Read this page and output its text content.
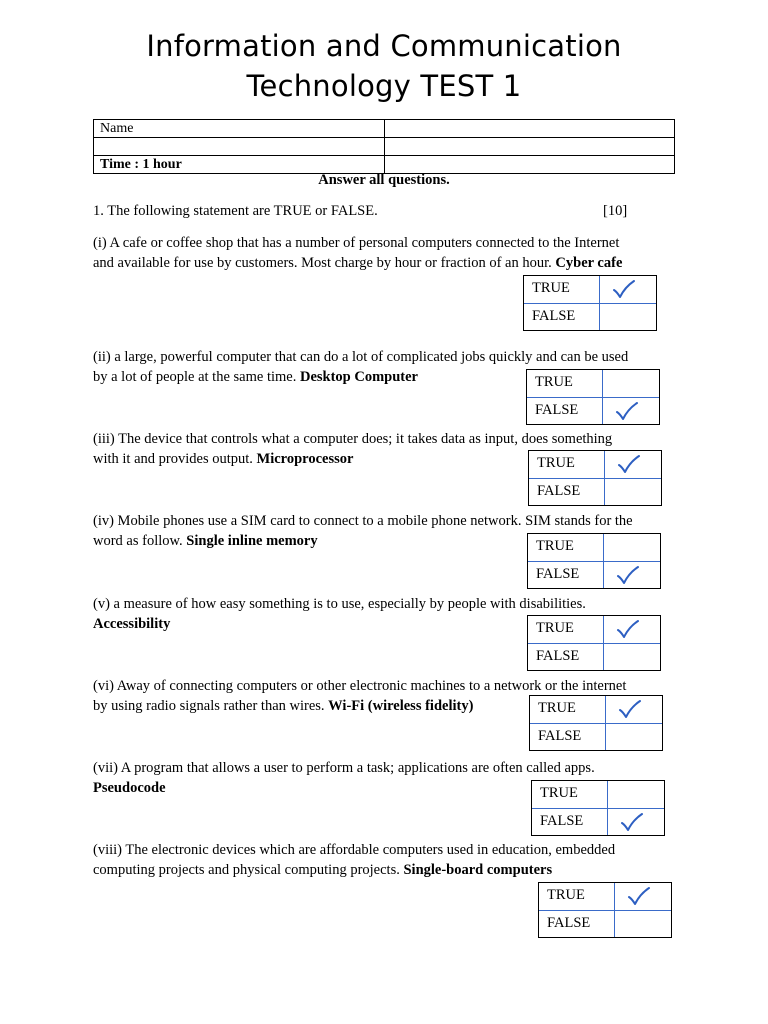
Information and Communication
Technology TEST 1
Name	

Time : 1 hour	
Answer all questions.
1. The following statement are TRUE or FALSE.	[10]
(i) A cafe or coffee shop that has a number of personal computers connected to the Internet
and available for use by customers. Most charge by hour or fraction of an hour. Cyber cafe
TRUE
FALSE
(ii) a large, powerful computer that can do a lot of complicated jobs quickly and can be used
by a lot of people at the same time. Desktop Computer	TRUE
FALSE
(iii) The device that controls what a computer does; it takes data as input, does something
with it and provides output. Microprocessor	TRUE
FALSE
(iv) Mobile phones use a SIM card to connect to a mobile phone network. SIM stands for the
word as follow. Single inline memory	TRUE
FALSE
(v) a measure of how easy something is to use, especially by people with disabilities.
Accessibility	TRUE
FALSE
(vi) Away of connecting computers or other electronic machines to a network or the internet
by using radio signals rather than wires. Wi-Fi (wireless fidelity)	TRUE
FALSE
(vii) A program that allows a user to perform a task; applications are often called apps.
Pseudocode	TRUE
FALSE
(viii) The electronic devices which are affordable computers used in education, embedded
computing projects and physical computing projects. Single-board computers
TRUE
FALSE
